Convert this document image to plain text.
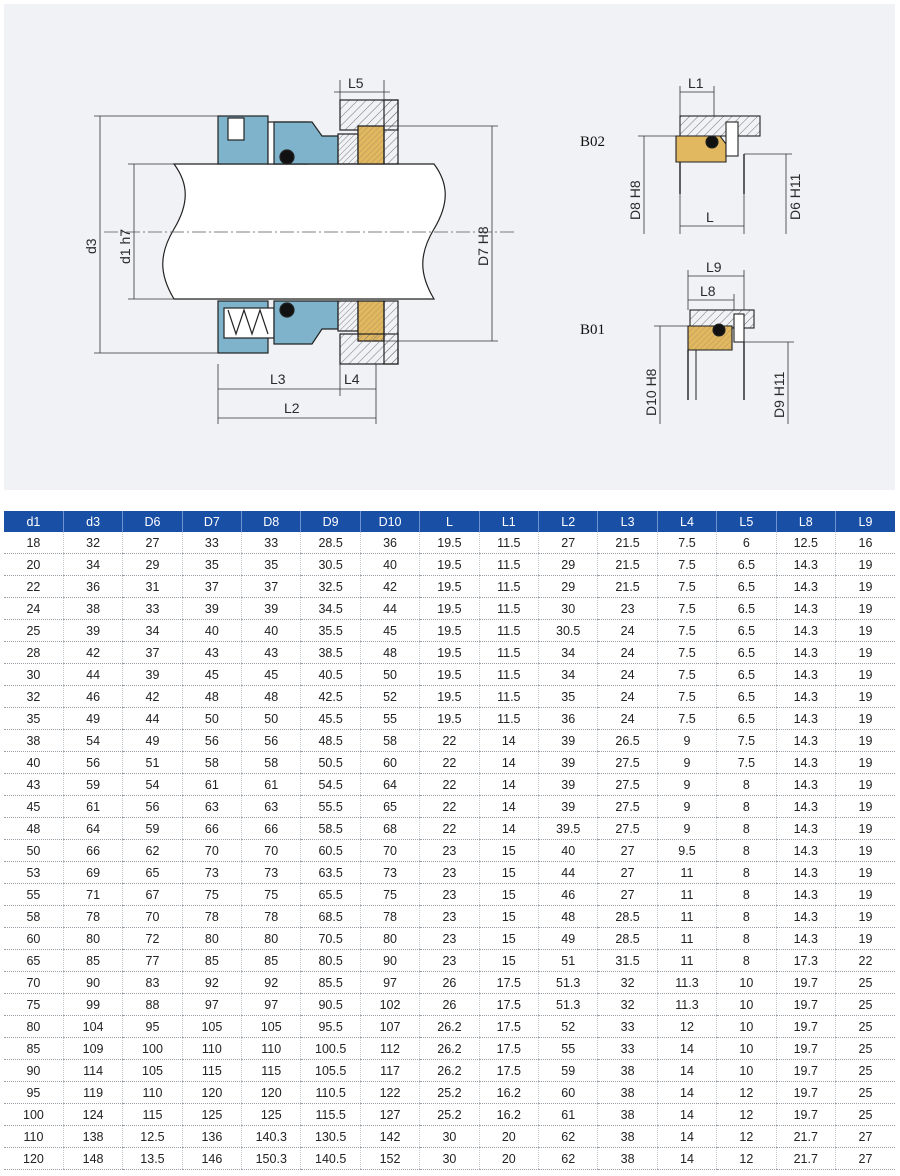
d3 d1 h7	D7 H8
L5
L3	L4
L2
B02
L1
L
D8 H8	D6 H11
B01
L9
L8
D10 H8	D9 H11
d1	d3	D6	D7	D8	D9	D10	L	L1	L2	L3	L4	L5	L8	L9
18	32	27	33	33	28.5	36	19.5	11.5	27	21.5	7.5	6	12.5	16
20	34	29	35	35	30.5	40	19.5	11.5	29	21.5	7.5	6.5	14.3	19
22	36	31	37	37	32.5	42	19.5	11.5	29	21.5	7.5	6.5	14.3	19
24	38	33	39	39	34.5	44	19.5	11.5	30	23	7.5	6.5	14.3	19
25	39	34	40	40	35.5	45	19.5	11.5	30.5	24	7.5	6.5	14.3	19
28	42	37	43	43	38.5	48	19.5	11.5	34	24	7.5	6.5	14.3	19
30	44	39	45	45	40.5	50	19.5	11.5	34	24	7.5	6.5	14.3	19
32	46	42	48	48	42.5	52	19.5	11.5	35	24	7.5	6.5	14.3	19
35	49	44	50	50	45.5	55	19.5	11.5	36	24	7.5	6.5	14.3	19
38	54	49	56	56	48.5	58	22	14	39	26.5	9	7.5	14.3	19
40	56	51	58	58	50.5	60	22	14	39	27.5	9	7.5	14.3	19
43	59	54	61	61	54.5	64	22	14	39	27.5	9	8	14.3	19
45	61	56	63	63	55.5	65	22	14	39	27.5	9	8	14.3	19
48	64	59	66	66	58.5	68	22	14	39.5	27.5	9	8	14.3	19
50	66	62	70	70	60.5	70	23	15	40	27	9.5	8	14.3	19
53	69	65	73	73	63.5	73	23	15	44	27	11	8	14.3	19
55	71	67	75	75	65.5	75	23	15	46	27	11	8	14.3	19
58	78	70	78	78	68.5	78	23	15	48	28.5	11	8	14.3	19
60	80	72	80	80	70.5	80	23	15	49	28.5	11	8	14.3	19
65	85	77	85	85	80.5	90	23	15	51	31.5	11	8	17.3	22
70	90	83	92	92	85.5	97	26	17.5	51.3	32	11.3	10	19.7	25
75	99	88	97	97	90.5	102	26	17.5	51.3	32	11.3	10	19.7	25
80	104	95	105	105	95.5	107	26.2	17.5	52	33	12	10	19.7	25
85	109	100	110	110	100.5	112	26.2	17.5	55	33	14	10	19.7	25
90	114	105	115	115	105.5	117	26.2	17.5	59	38	14	10	19.7	25
95	119	110	120	120	110.5	122	25.2	16.2	60	38	14	12	19.7	25
100	124	115	125	125	115.5	127	25.2	16.2	61	38	14	12	19.7	25
110	138	12.5	136	140.3	130.5	142	30	20	62	38	14	12	21.7	27
120	148	13.5	146	150.3	140.5	152	30	20	62	38	14	12	21.7	27
